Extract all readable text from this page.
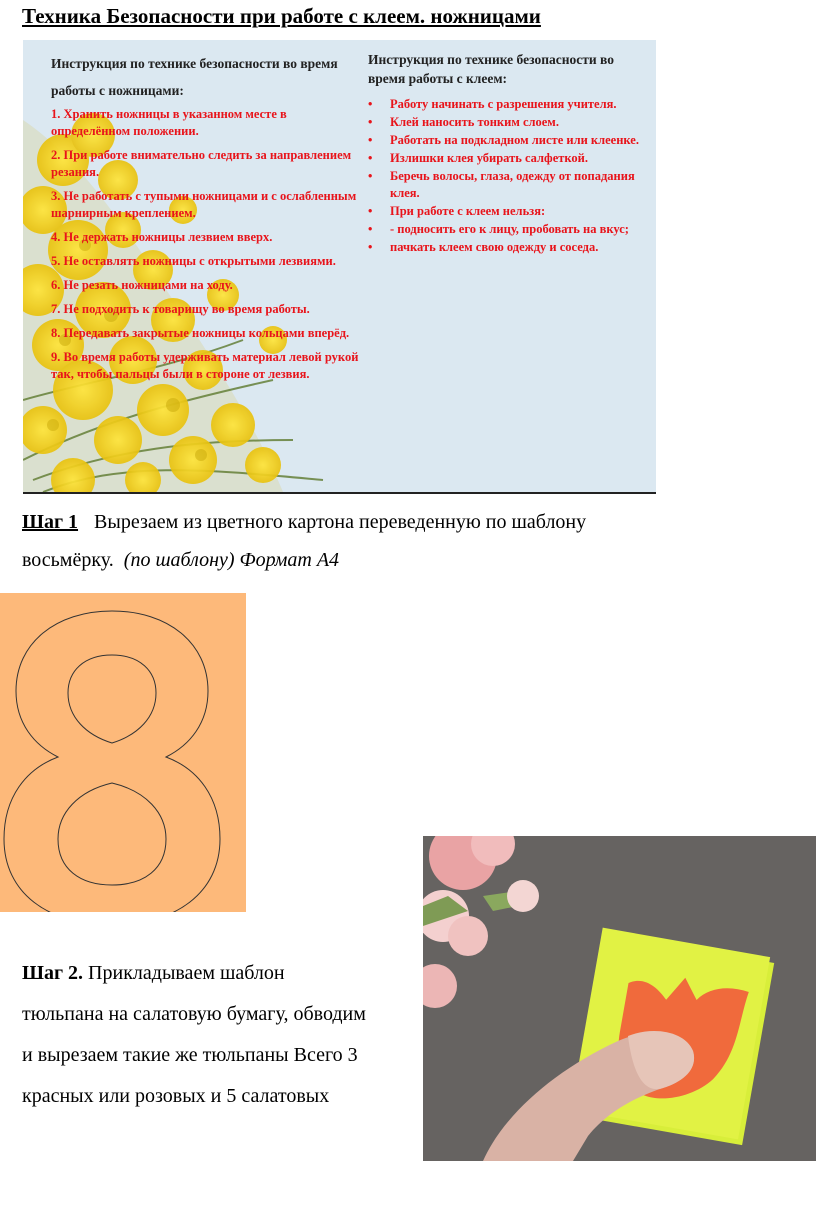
Техника Безопасности при работе с клеем. ножницами
Инструкция по технике безопасности во время работы с ножницами:
1. Хранить ножницы в указанном месте в определённом положении.
2. При работе внимательно следить за направлением резания.
3. Не работать с тупыми ножницами и с ослабленным шарнирным креплением.
4. Не держать ножницы лезвием вверх.
5. Не оставлять ножницы с открытыми лезвиями.
6. Не резать ножницами на ходу.
7. Не подходить к товарищу во время работы.
8. Передавать закрытые ножницы кольцами вперёд.
9. Во время работы удерживать материал левой рукой так, чтобы пальцы были в стороне от лезвия.
Инструкция по технике безопасности во время работы с клеем:
• Работу начинать с разрешения учителя.
• Клей наносить тонким слоем.
• Работать на подкладном листе или клеенке.
• Излишки клея убирать салфеткой.
• Беречь волосы, глаза, одежду от попадания клея.
• При работе с клеем нельзя:
• - подносить его к лицу, пробовать на вкус;
• пачкать клеем свою одежду и соседа.
Шаг 1 Вырезаем из цветного картона переведенную по шаблону восьмёрку. (по шаблону) Формат А4
Шаг 2. Прикладываем шаблон тюльпана на салатовую бумагу, обводим и вырезаем такие же тюльпаны Всего 3 красных или розовых и 5 салатовых
